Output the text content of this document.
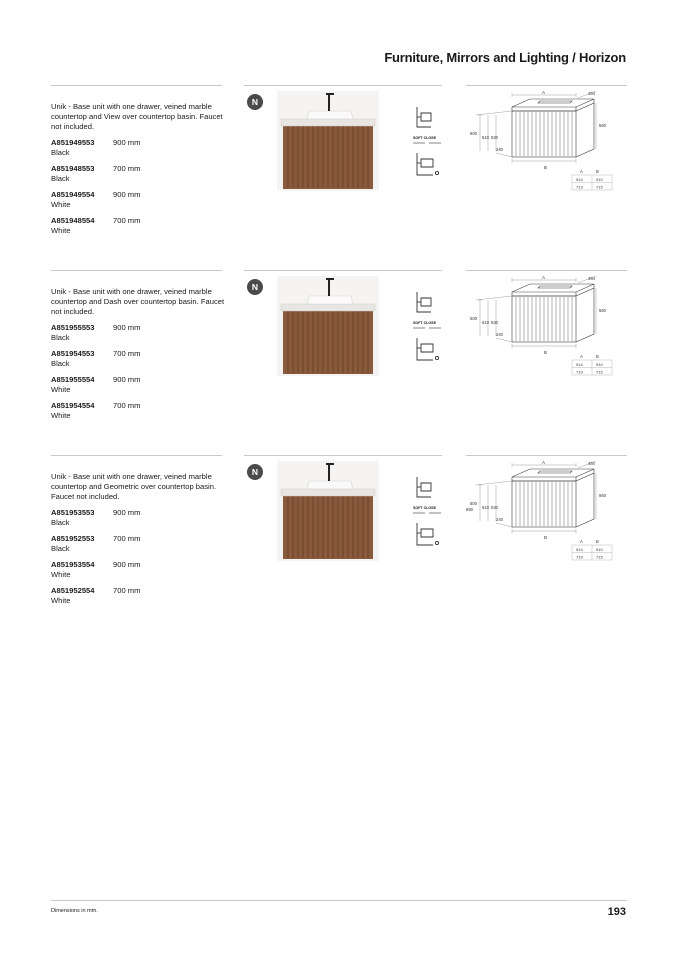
Furniture, Mirrors and Lighting / Horizon
Unik - Base unit with one drawer, veined marble countertop and View over countertop basin. Faucet not included.
A851949553 900 mm
Black
A851948553 700 mm
Black
A851949554 900 mm
White
A851948554 700 mm
White
N
SOFT CLOSE
A	494
560
600
610 530
240
B
A	B
914	910
719	715
Unik - Base unit with one drawer, veined marble countertop and Dash over countertop basin. Faucet not included.
A851955553 900 mm
Black
A851954553 700 mm
Black
A851955554 900 mm
White
A851954554 700 mm
White
N
SOFT CLOSE
A	494
560
600
610 530
240
B
A	B
914	910
719	715
Unik - Base unit with one drawer, veined marble countertop and Geometric over countertop basin. Faucet not included.
A851953553 900 mm
Black
A851952553 700 mm
Black
A851953554 900 mm
White
A851952554 700 mm
White
N
SOFT CLOSE
A	494
560
600
610 530
240
B
A	B
914	910
719	715
690
Dimensions in mm.	193
